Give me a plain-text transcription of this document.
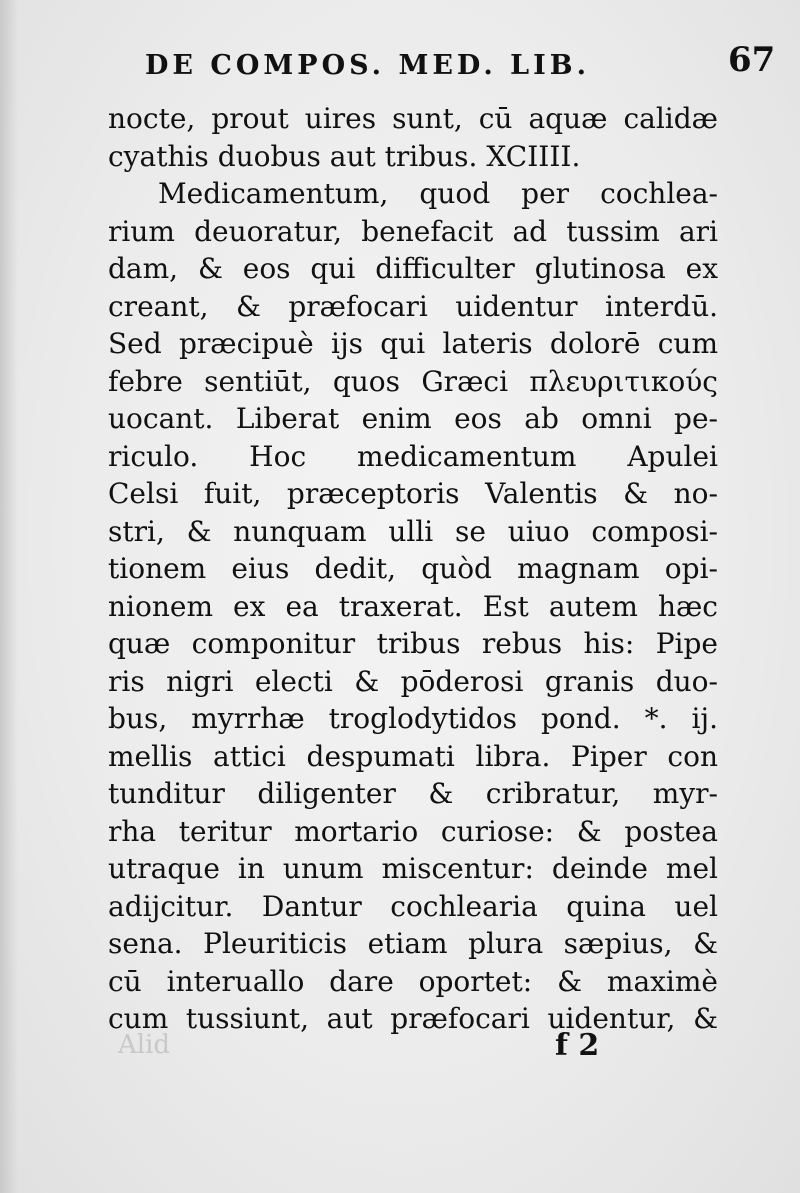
DE COMPOS. MED. LIB.	67
nocte, prout uires sunt, cū aquæ calidæ
cyathis duobus aut tribus. XCIIII.
Medicamentum, quod per cochlea-
rium deuoratur, benefacit ad tussim ari
dam, & eos qui difficulter glutinosa ex
creant, & præfocari uidentur interdū.
Sed præcipuè ijs qui lateris dolorē cum
febre sentiūt, quos Græci πλευριτικούς
uocant. Liberat enim eos ab omni pe-
riculo. Hoc medicamentum Apulei
Celsi fuit, præceptoris Valentis & no-
stri, & nunquam ulli se uiuo composi-
tionem eius dedit, quòd magnam opi-
nionem ex ea traxerat. Est autem hæc
quæ componitur tribus rebus his: Pipe
ris nigri electi & pōderosi granis duo-
bus, myrrhæ troglodytidos pond. *. ij.
mellis attici despumati libra. Piper con
tunditur diligenter & cribratur, myr-
rha teritur mortario curiose: & postea
utraque in unum miscentur: deinde mel
adijcitur. Dantur cochlearia quina uel
sena. Pleuriticis etiam plura sæpius, &
cū interuallo dare oportet: & maximè
cum tussiunt, aut præfocari uidentur, &
Alid	f 2
